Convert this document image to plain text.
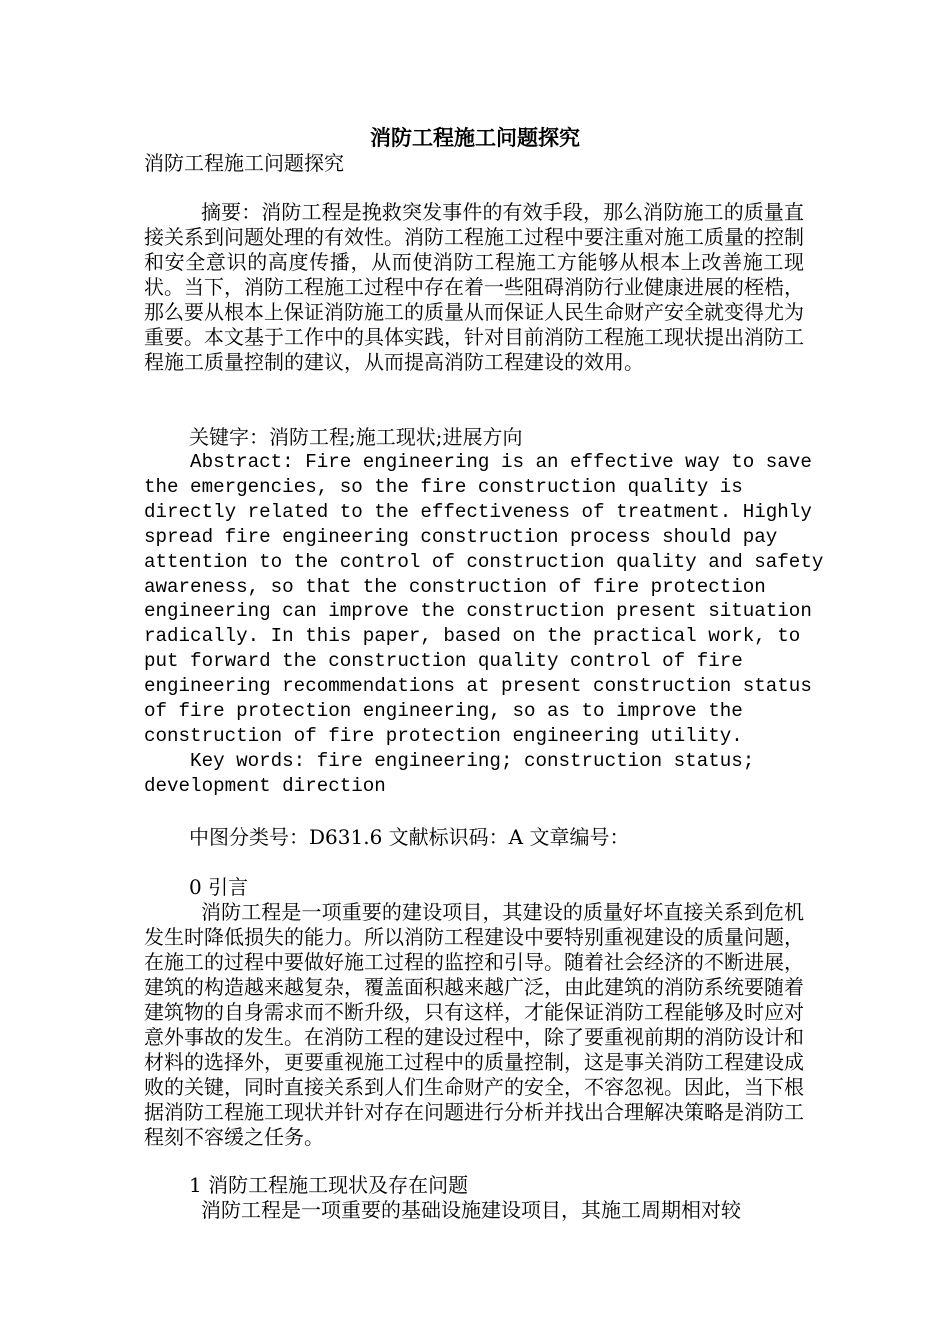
消防工程施工问题探究
消防工程施工问题探究

摘要：消防工程是挽救突发事件的有效手段，那么消防施工的质量直接关系到问题处理的有效性。消防工程施工过程中要注重对施工质量的控制和安全意识的高度传播，从而使消防工程施工方能够从根本上改善施工现状。当下，消防工程施工过程中存在着一些阻碍消防行业健康进展的桎梏，那么要从根本上保证消防施工的质量从而保证人民生命财产安全就变得尤为重要。本文基于工作中的具体实践，针对目前消防工程施工现状提出消防工程施工质量控制的建议，从而提高消防工程建设的效用。

关键字：消防工程;施工现状;进展方向
Abstract: Fire engineering is an effective way to save
the emergencies, so the fire construction quality is
directly related to the effectiveness of treatment. Highly
spread fire engineering construction process should pay
attention to the control of construction quality and safety
awareness, so that the construction of fire protection
engineering can improve the construction present situation
radically. In this paper, based on the practical work, to
put forward the construction quality control of fire
engineering recommendations at present construction status
of fire protection engineering, so as to improve the
construction of fire protection engineering utility.
Key words: fire engineering; construction status;
development direction
中图分类号：D631.6 文献标识码：A 文章编号：
0 引言

消防工程是一项重要的建设项目，其建设的质量好坏直接关系到危机发生时降低损失的能力。所以消防工程建设中要特别重视建设的质量问题，在施工的过程中要做好施工过程的监控和引导。随着社会经济的不断进展，建筑的构造越来越复杂，覆盖面积越来越广泛，由此建筑的消防系统要随着建筑物的自身需求而不断升级，只有这样，才能保证消防工程能够及时应对意外事故的发生。在消防工程的建设过程中，除了要重视前期的消防设计和材料的选择外，更要重视施工过程中的质量控制，这是事关消防工程建设成败的关键，同时直接关系到人们生命财产的安全，不容忽视。因此，当下根据消防工程施工现状并针对存在问题进行分析并找出合理解决策略是消防工程刻不容缓之任务。

1 消防工程施工现状及存在问题

消防工程是一项重要的基础设施建设项目，其施工周期相对较
